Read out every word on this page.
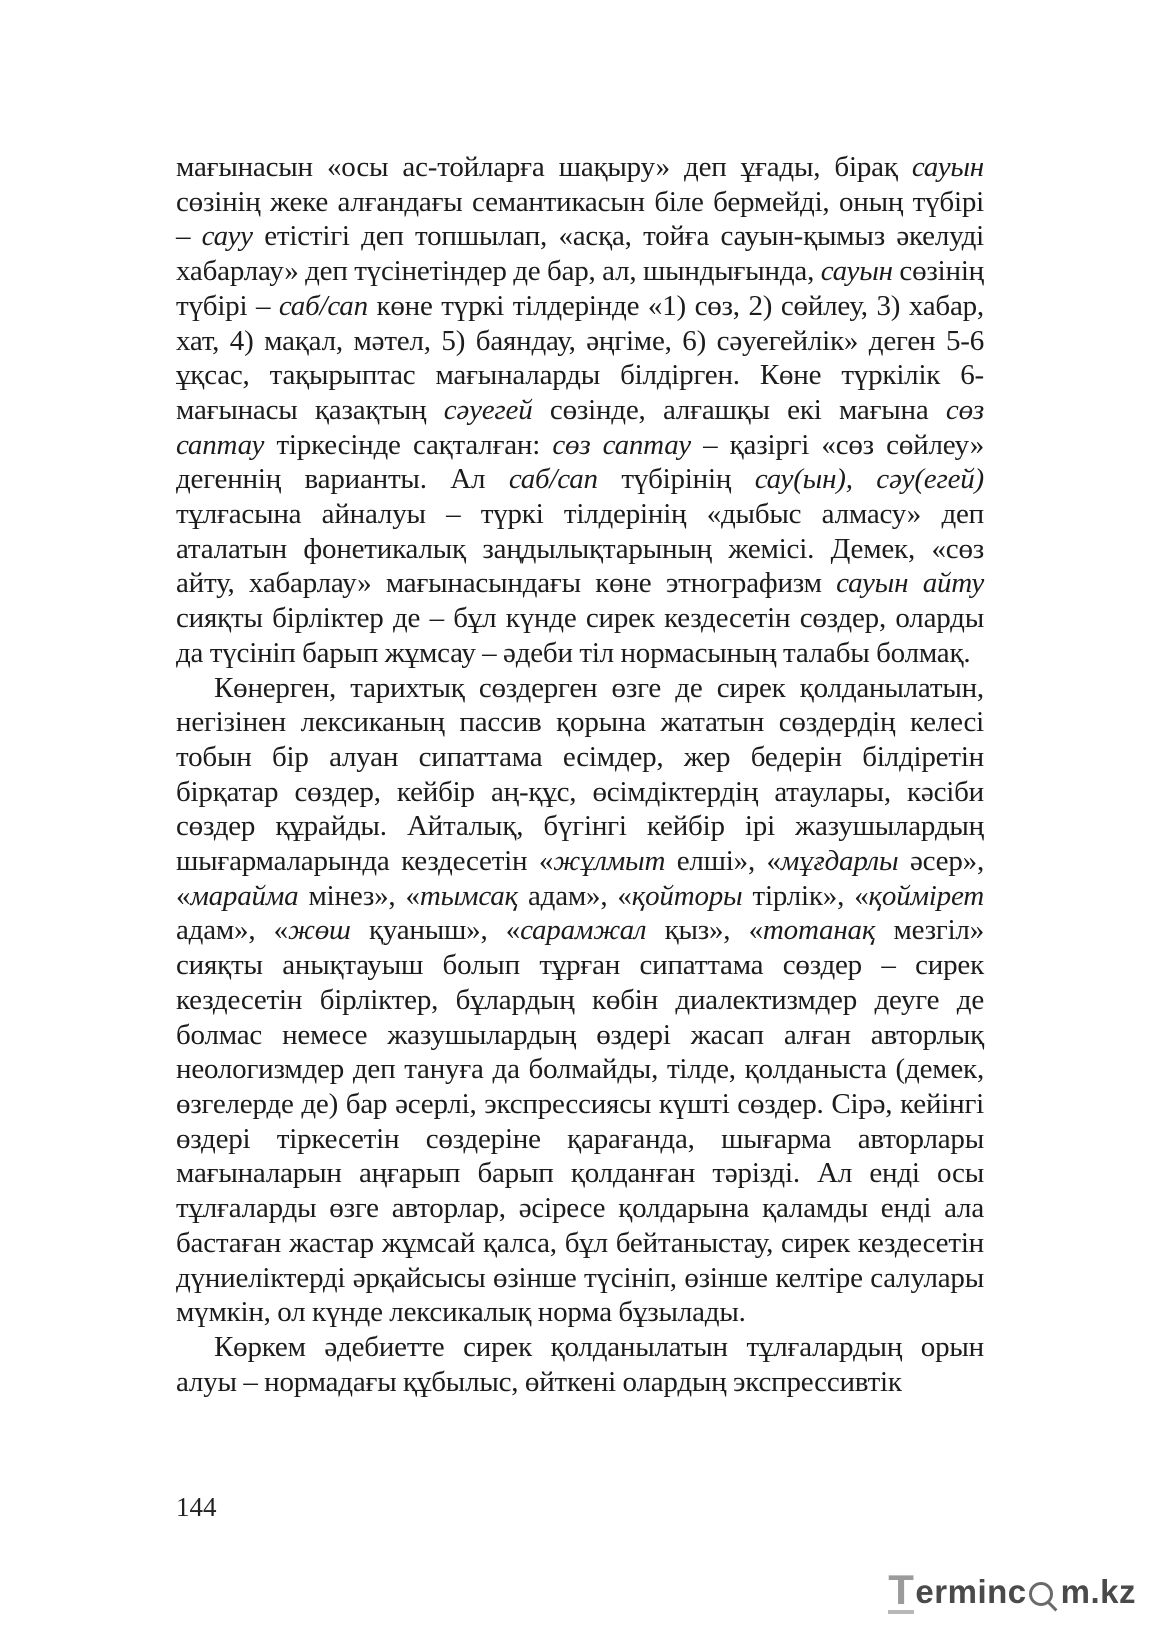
мағынасын «осы ас-тойларға шақыру» деп ұғады, бірақ сауын сөзінің жеке алғандағы семантикасын біле бермейді, оның түбірі – сауу етістігі деп топшылап, «асқа, тойға сауын-қымыз әкелуді хабарлау» деп түсінетіндер де бар, ал, шындығында, сауын сөзінің түбірі – саб/сап көне түркі тілдерінде «1) сөз, 2) сөйлеу, 3) хабар, хат, 4) мақал, мәтел, 5) баяндау, әңгіме, 6) сәуегейлік» деген 5-6 ұқсас, тақырыптас мағыналарды білдірген. Көне түркілік 6-мағынасы қазақтың сәуегей сөзінде, алғашқы екі мағына сөз саптау тіркесінде сақталған: сөз саптау – қазіргі «сөз сөйлеу» дегеннің варианты. Ал саб/сап түбірінің сау(ын), сәу(егей) тұлғасына айналуы – түркі тілдерінің «дыбыс алмасу» деп аталатын фонетикалық заңдылықтарының жемісі. Демек, «сөз айту, хабарлау» мағынасындағы көне этнографизм сауын айту сияқты бірліктер де – бұл күнде сирек кездесетін сөздер, оларды да түсініп барып жұмсау – әдеби тіл нормасының талабы болмақ.

Көнерген, тарихтық сөздерген өзге де сирек қолданылатын, негізінен лексиканың пассив қорына жататын сөздердің келесі тобын бір алуан сипаттама есімдер, жер бедерін білдіретін бірқатар сөздер, кейбір аң-құс, өсімдіктердің атаулары, кәсіби сөздер құрайды. Айталық, бүгінгі кейбір ірі жазушылардың шығармаларында кездесетін «жұлмыт елші», «мұғдарлы әсер», «марайма мінез», «тымсақ адам», «қойторы тірлік», «қоймірет адам», «жөш қуаныш», «сарамжал қыз», «тотанақ мезгіл» сияқты анықтауыш болып тұрған сипаттама сөздер – сирек кездесетін бірліктер, бұлардың көбін диалектизмдер деуге де болмас немесе жазушылардың өздері жасап алған авторлық неологизмдер деп тануға да болмайды, тілде, қолданыста (демек, өзгелерде де) бар әсерлі, экспрессиясы күшті сөздер. Сірә, кейінгі өздері тіркесетін сөздеріне қарағанда, шығарма авторлары мағыналарын аңғарып барып қолданған тәрізді. Ал енді осы тұлғаларды өзге авторлар, әсіресе қолдарына қаламды енді ала бастаған жастар жұмсай қалса, бұл бейтаныстау, сирек кездесетін дүниеліктерді әрқайсысы өзінше түсініп, өзінше келтіре салулары мүмкін, ол күнде лексикалық норма бұзылады.

Көркем әдебиетте сирек қолданылатын тұлғалардың орын алуы – нормадағы құбылыс, өйткені олардың экспрессивтік

144
T erminc m.kz
